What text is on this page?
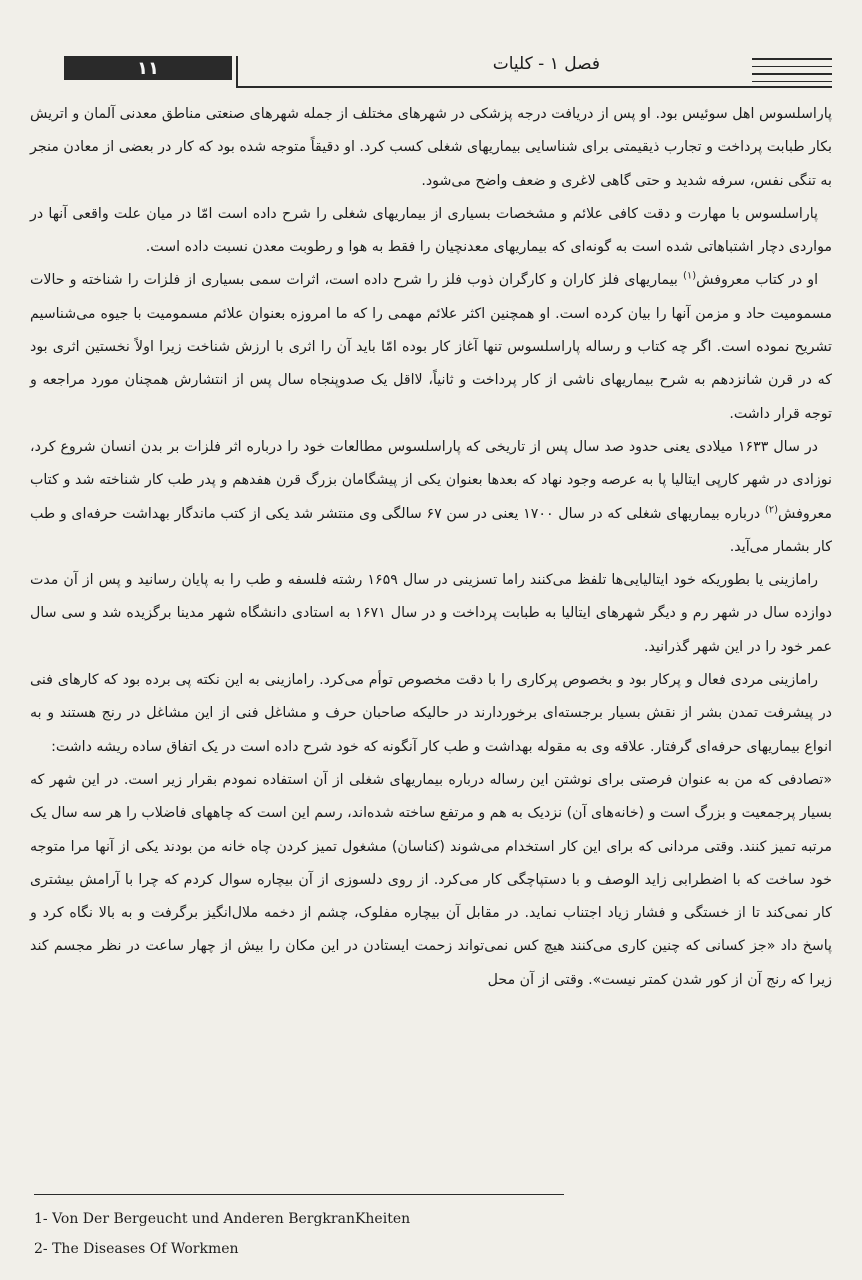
۱۱	فصل ۱ - کلیات

پاراسلسوس اهل سوئیس بود. او پس از دریافت درجه پزشکی در شهرهای مختلف از جمله شهرهای صنعتی مناطق معدنی آلمان و اتریش بکار طبابت پرداخت و تجارب ذیقیمتی برای شناسایی بیماریهای شغلی کسب کرد. او دقیقاً متوجه شده بود که کار در بعضی از معادن منجر به تنگی نفس، سرفه شدید و حتی گاهی لاغری و ضعف واضح می‌شود.

پاراسلسوس با مهارت و دقت کافی علائم و مشخصات بسیاری از بیماریهای شغلی را شرح داده است امّا در میان علت واقعی آنها در مواردی دچار اشتباهاتی شده است به گونه‌ای که بیماریهای معدنچیان را فقط به هوا و رطوبت معدن نسبت داده است.

او در کتاب معروفش$^{(۱)}$ بیماریهای فلز کاران و کارگران ذوب فلز را شرح داده است، اثرات سمی بسیاری از فلزات را شناخته و حالات مسمومیت حاد و مزمن آنها را بیان کرده است. او همچنین اکثر علائم مهمی را که ما امروزه بعنوان علائم مسمومیت با جیوه می‌شناسیم تشریح نموده است. اگر چه کتاب و رساله پاراسلسوس تنها آغاز کار بوده امّا باید آن را اثری با ارزش شناخت زیرا اولاً نخستین اثری بود که در قرن شانزدهم به شرح بیماریهای ناشی از کار پرداخت و ثانیاً، لااقل یک صدوپنجاه سال پس از انتشارش همچنان مورد مراجعه و توجه قرار داشت.

در سال ۱۶۳۳ میلادی یعنی حدود صد سال پس از تاریخی که پاراسلسوس مطالعات خود را درباره اثر فلزات بر بدن انسان شروع کرد، نوزادی در شهر کارپی ایتالیا پا به عرصه وجود نهاد که بعدها بعنوان یکی از پیشگامان بزرگ قرن هفدهم و پدر طب کار شناخته شد و کتاب معروفش$^{(۲)}$ درباره بیماریهای شغلی که در سال ۱۷۰۰ یعنی در سن ۶۷ سالگی وی منتشر شد یکی از کتب ماندگار بهداشت حرفه‌ای و طب کار بشمار می‌آید.

رامازینی یا بطوریکه خود ایتالیایی‌ها تلفظ می‌کنند راما تسزینی در سال ۱۶۵۹ رشته فلسفه و طب را به پایان رسانید و پس از آن مدت دوازده سال در شهر رم و دیگر شهرهای ایتالیا به طبابت پرداخت و در سال ۱۶۷۱ به استادی دانشگاه شهر مدینا برگزیده شد و سی سال عمر خود را در این شهر گذرانید.

رامازینی مردی فعال و پرکار بود و بخصوص پرکاری را با دقت مخصوص توأم می‌کرد. رامازینی به این نکته پی برده بود که کارهای فنی در پیشرفت تمدن بشر از نقش بسیار برجسته‌ای برخوردارند در حالیکه صاحبان حرف و مشاغل فنی از این مشاغل در رنج هستند و به انواع بیماریهای حرفه‌ای گرفتار. علاقه وی به مقوله بهداشت و طب کار آنگونه که خود شرح داده است در یک اتفاق ساده ریشه داشت:

«تصادفی که من به عنوان فرصتی برای نوشتن این رساله درباره بیماریهای شغلی از آن استفاده نمودم بقرار زیر است. در این شهر که بسیار پرجمعیت و بزرگ است و (خانه‌های آن) نزدیک به هم و مرتفع ساخته شده‌اند، رسم این است که چاههای فاضلاب را هر سه سال یک مرتبه تمیز کنند. وقتی مردانی که برای این کار استخدام می‌شوند (کناسان) مشغول تمیز کردن چاه خانه من بودند یکی از آنها مرا متوجه خود ساخت که با اضطرابی زاید الوصف و با دستپاچگی کار می‌کرد. از روی دلسوزی از آن بیچاره سوال کردم که چرا با آرامش بیشتری کار نمی‌کند تا از خستگی و فشار زیاد اجتناب نماید. در مقابل آن بیچاره مفلوک، چشم از دخمه ملال‌انگیز برگرفت و به بالا نگاه کرد و پاسخ داد «جز کسانی که چنین کاری می‌کنند هیچ کس نمی‌تواند زحمت ایستادن در این مکان را بیش از چهار ساعت در نظر مجسم کند زیرا که رنج آن از کور شدن کمتر نیست». وقتی از آن محل

1- Von Der Bergeucht und Anderen BergkranKheiten
2- The Diseases Of Workmen
